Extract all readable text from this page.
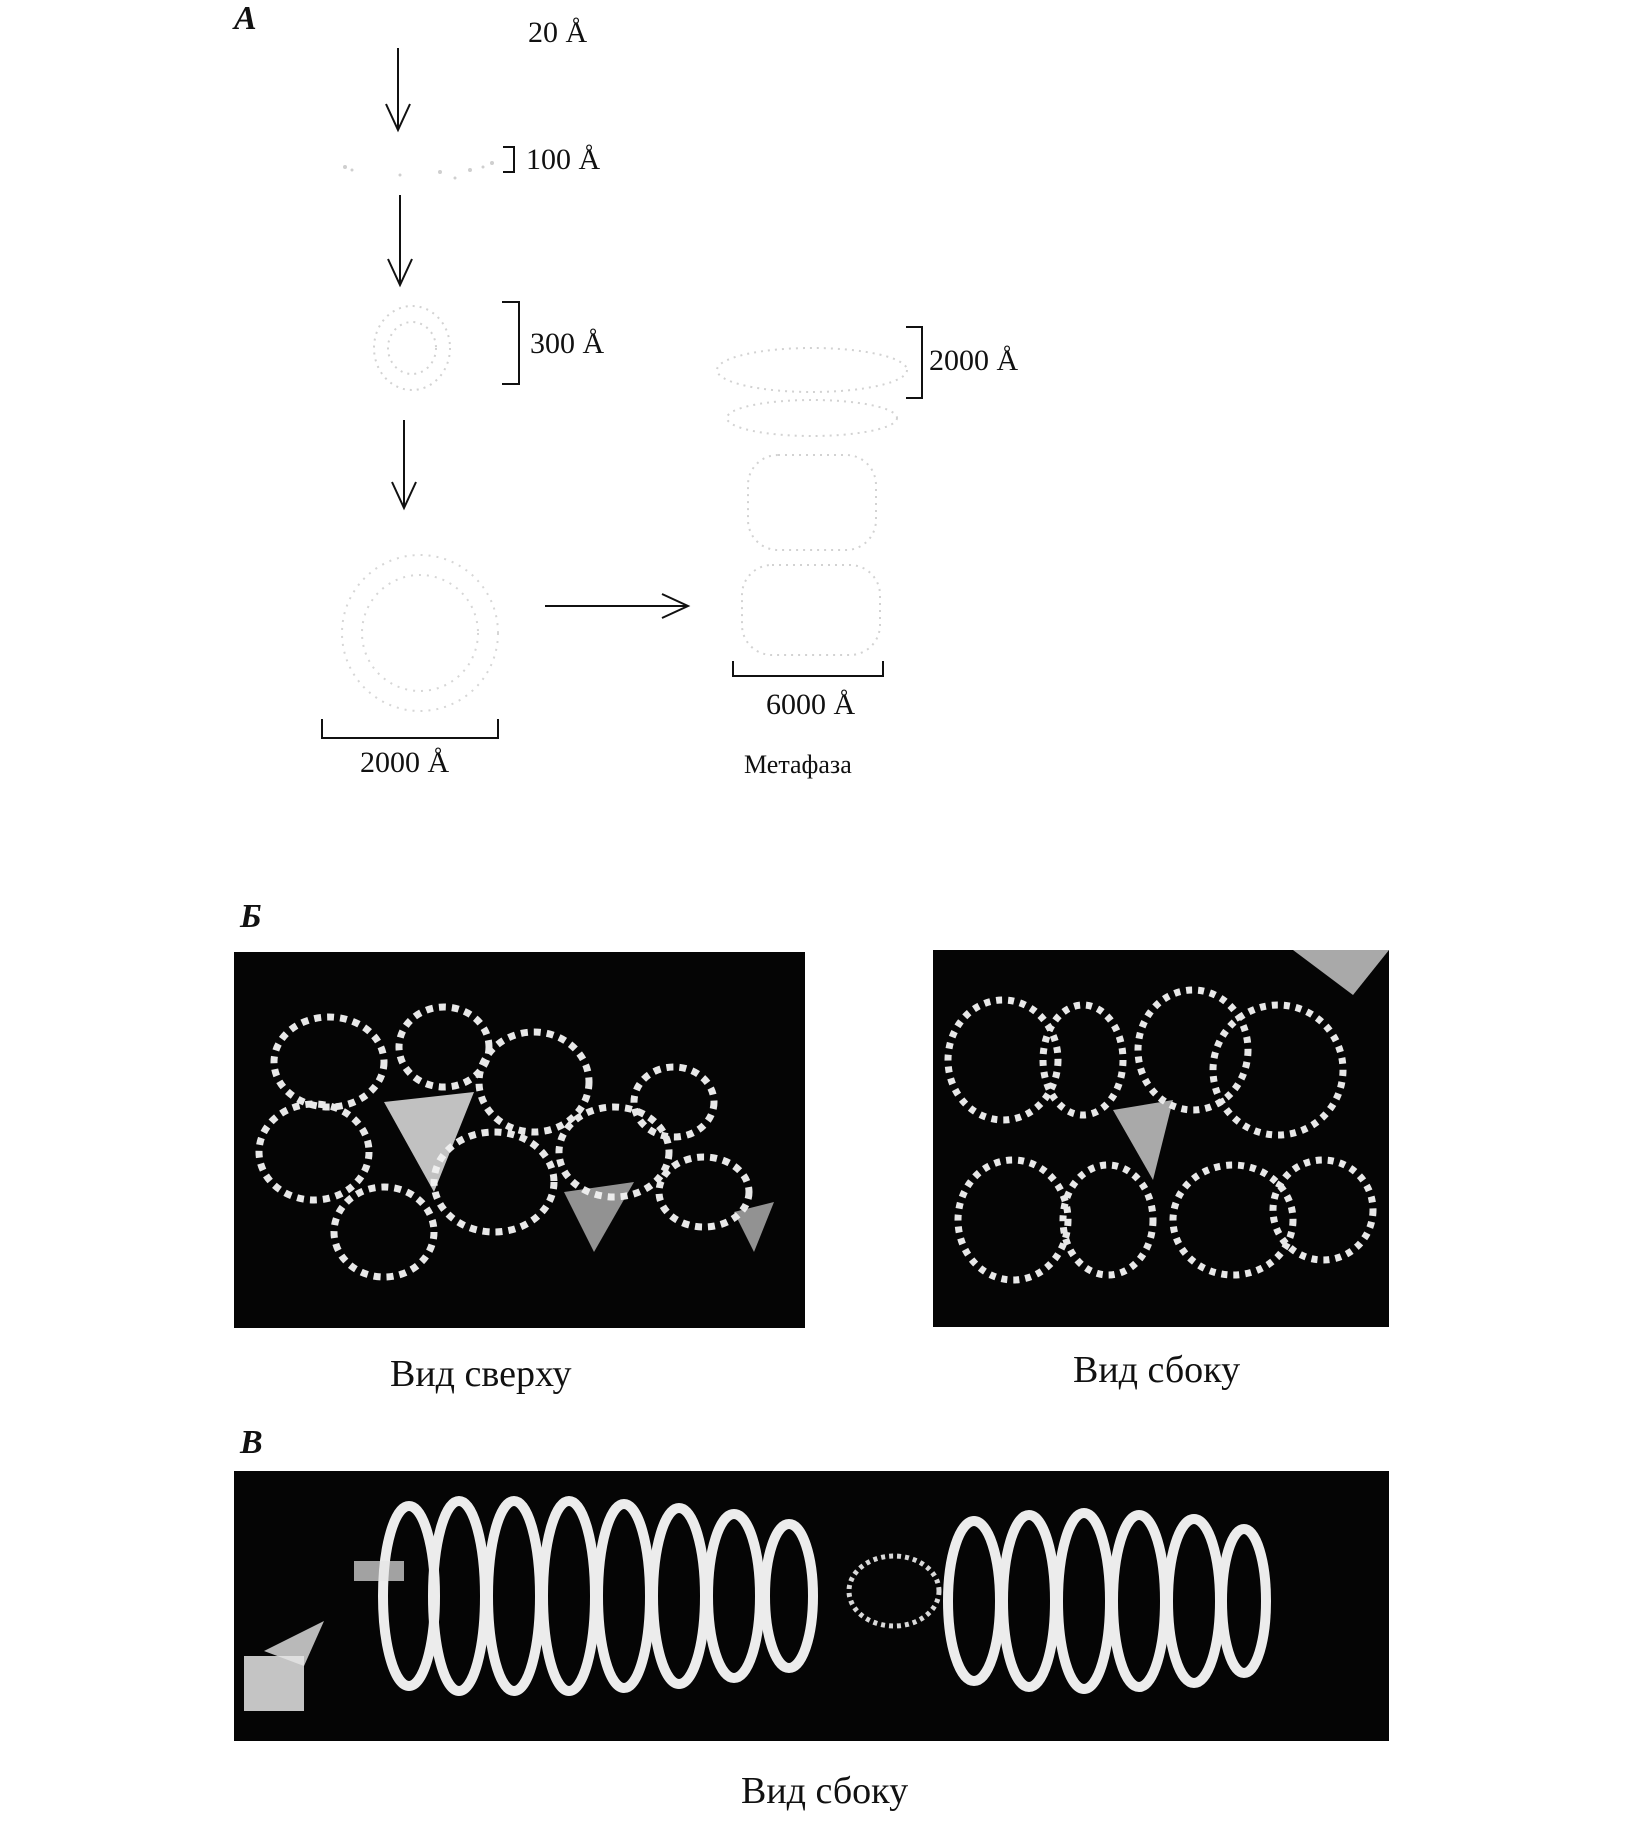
А	20 Å
100 Å
300 Å
2000 Å
2000 Å
6000 Å
Метафаза
Б
Вид сверху	Вид сбоку
В
Вид сбоку
